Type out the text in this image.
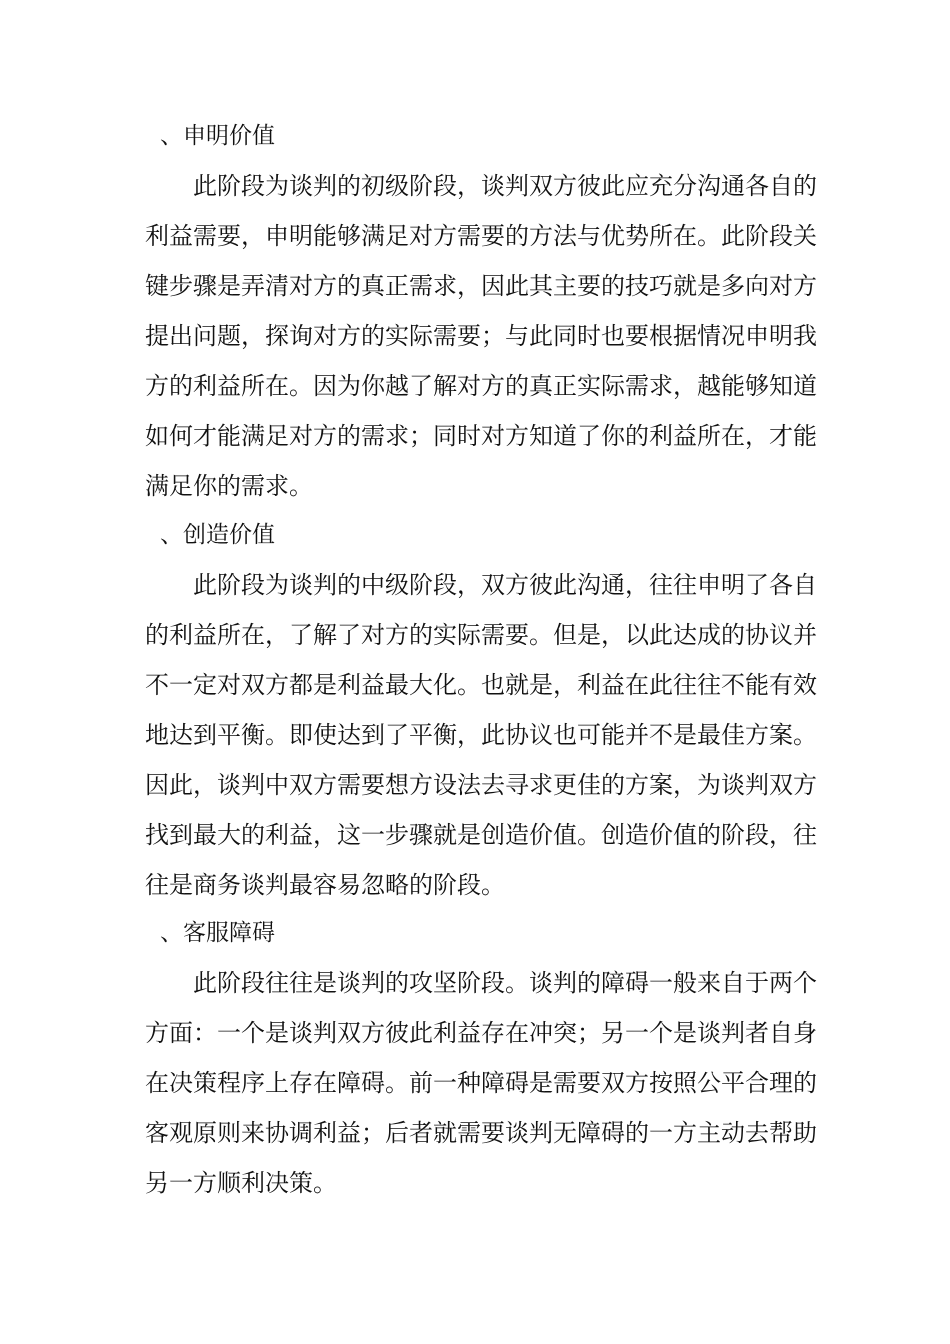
、申明价值
此阶段为谈判的初级阶段，谈判双方彼此应充分沟通各自的
利益需要，申明能够满足对方需要的方法与优势所在。此阶段关
键步骤是弄清对方的真正需求，因此其主要的技巧就是多向对方
提出问题，探询对方的实际需要；与此同时也要根据情况申明我
方的利益所在。因为你越了解对方的真正实际需求，越能够知道
如何才能满足对方的需求；同时对方知道了你的利益所在，才能
满足你的需求。
、创造价值
此阶段为谈判的中级阶段，双方彼此沟通，往往申明了各自
的利益所在，了解了对方的实际需要。但是，以此达成的协议并
不一定对双方都是利益最大化。也就是，利益在此往往不能有效
地达到平衡。即使达到了平衡，此协议也可能并不是最佳方案。
因此，谈判中双方需要想方设法去寻求更佳的方案，为谈判双方
找到最大的利益，这一步骤就是创造价值。创造价值的阶段，往
往是商务谈判最容易忽略的阶段。
、客服障碍
此阶段往往是谈判的攻坚阶段。谈判的障碍一般来自于两个
方面：一个是谈判双方彼此利益存在冲突；另一个是谈判者自身
在决策程序上存在障碍。前一种障碍是需要双方按照公平合理的
客观原则来协调利益；后者就需要谈判无障碍的一方主动去帮助
另一方顺利决策。
